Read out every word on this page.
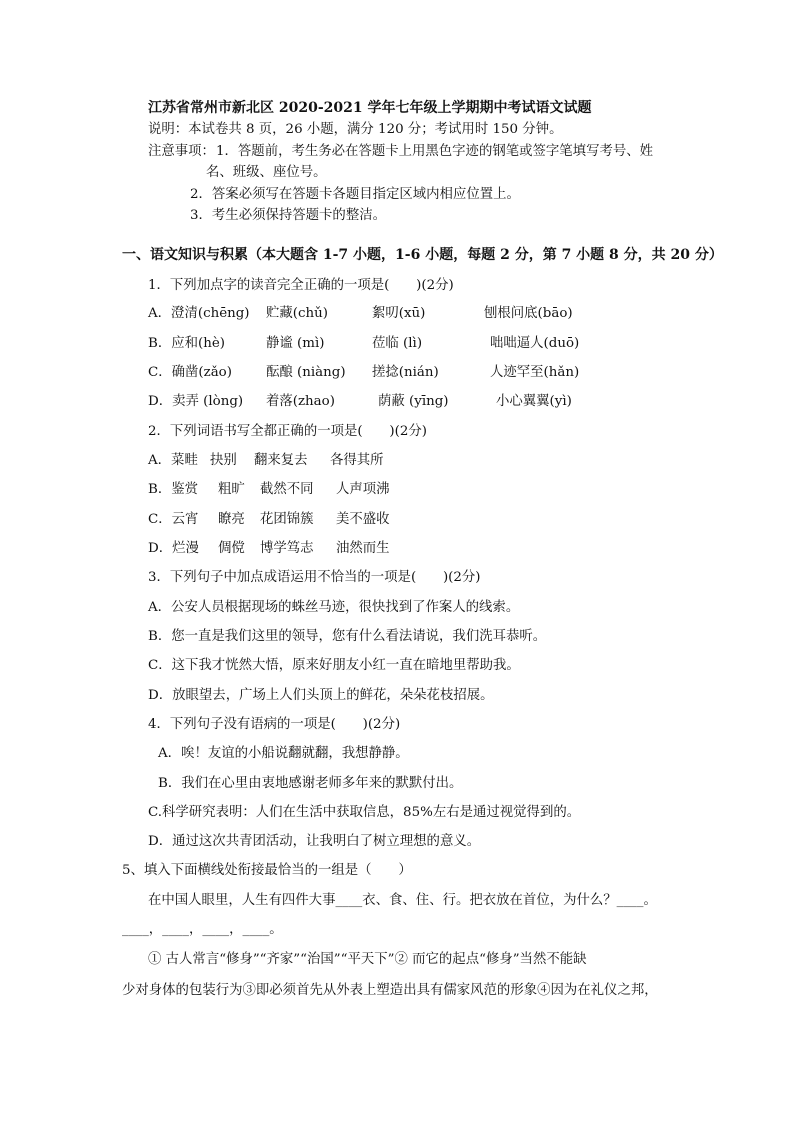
江苏省常州市新北区 2020-2021 学年七年级上学期期中考试语文试题
说明：本试卷共 8 页，26 小题，满分 120 分；考试用时 150 分钟。
注意事项： 1．答题前，考生务必在答题卡上用黑色字迹的钢笔或签字笔填写考号、姓
名、班级、座位号。
2．答案必须写在答题卡各题目指定区域内相应位置上。
3．考生必须保持答题卡的整洁。
一、语文知识与积累（本大题含 1-7 小题，1-6 小题，每题 2 分，第 7 小题 8 分，共 20 分）
1．下列加点字的读音完全正确的一项是(　　)(2分)
A．澄清(chēng) 贮藏(chǔ)	絮叨(xū)	刨根问底(bāo)
B．应和(hè)	静谧 (mì)	莅临 (lì)	咄咄逼人(duō)
C．确凿(zǎo)	酝酿 (niàng) 搓捻(nián)	人迹罕至(hǎn)
D．卖弄 (lòng) 着落(zhao)	荫蔽 (yīng)	小心翼翼(yì)
2．下列词语书写全都正确的一项是(　　)(2分)
A．菜畦 抉别 翻来复去 各得其所
B．鉴赏 粗旷 截然不同 人声项沸
C．云宵 瞭亮 花团锦簇 美不盛收
D．烂漫 倜傥 博学笃志 油然而生
3．下列句子中加点成语运用不恰当的一项是(　　)(2分)
A．公安人员根据现场的蛛丝马迹，很快找到了作案人的线索。
B．您一直是我们这里的领导，您有什么看法请说，我们洗耳恭听。
C．这下我才恍然大悟，原来好朋友小红一直在暗地里帮助我。
D．放眼望去，广场上人们头顶上的鲜花，朵朵花枝招展。
4．下列句子没有语病的一项是(　　)(2分)
A．唉！友谊的小船说翻就翻，我想静静。
B．我们在心里由衷地感谢老师多年来的默默付出。
C.科学研究表明：人们在生活中获取信息，85%左右是通过视觉得到的。
D．通过这次共青团活动，让我明白了树立理想的意义。
5、填入下面横线处衔接最恰当的一组是（　　）
在中国人眼里，人生有四件大事____衣、食、住、行。把衣放在首位，为什么？____。
____，____，____，____。
① 古人常言“修身”“齐家”“治国”“平天下”② 而它的起点“修身”当然不能缺
少对身体的包装行为③即必须首先从外表上塑造出具有儒家风范的形象④因为在礼仪之邦，
